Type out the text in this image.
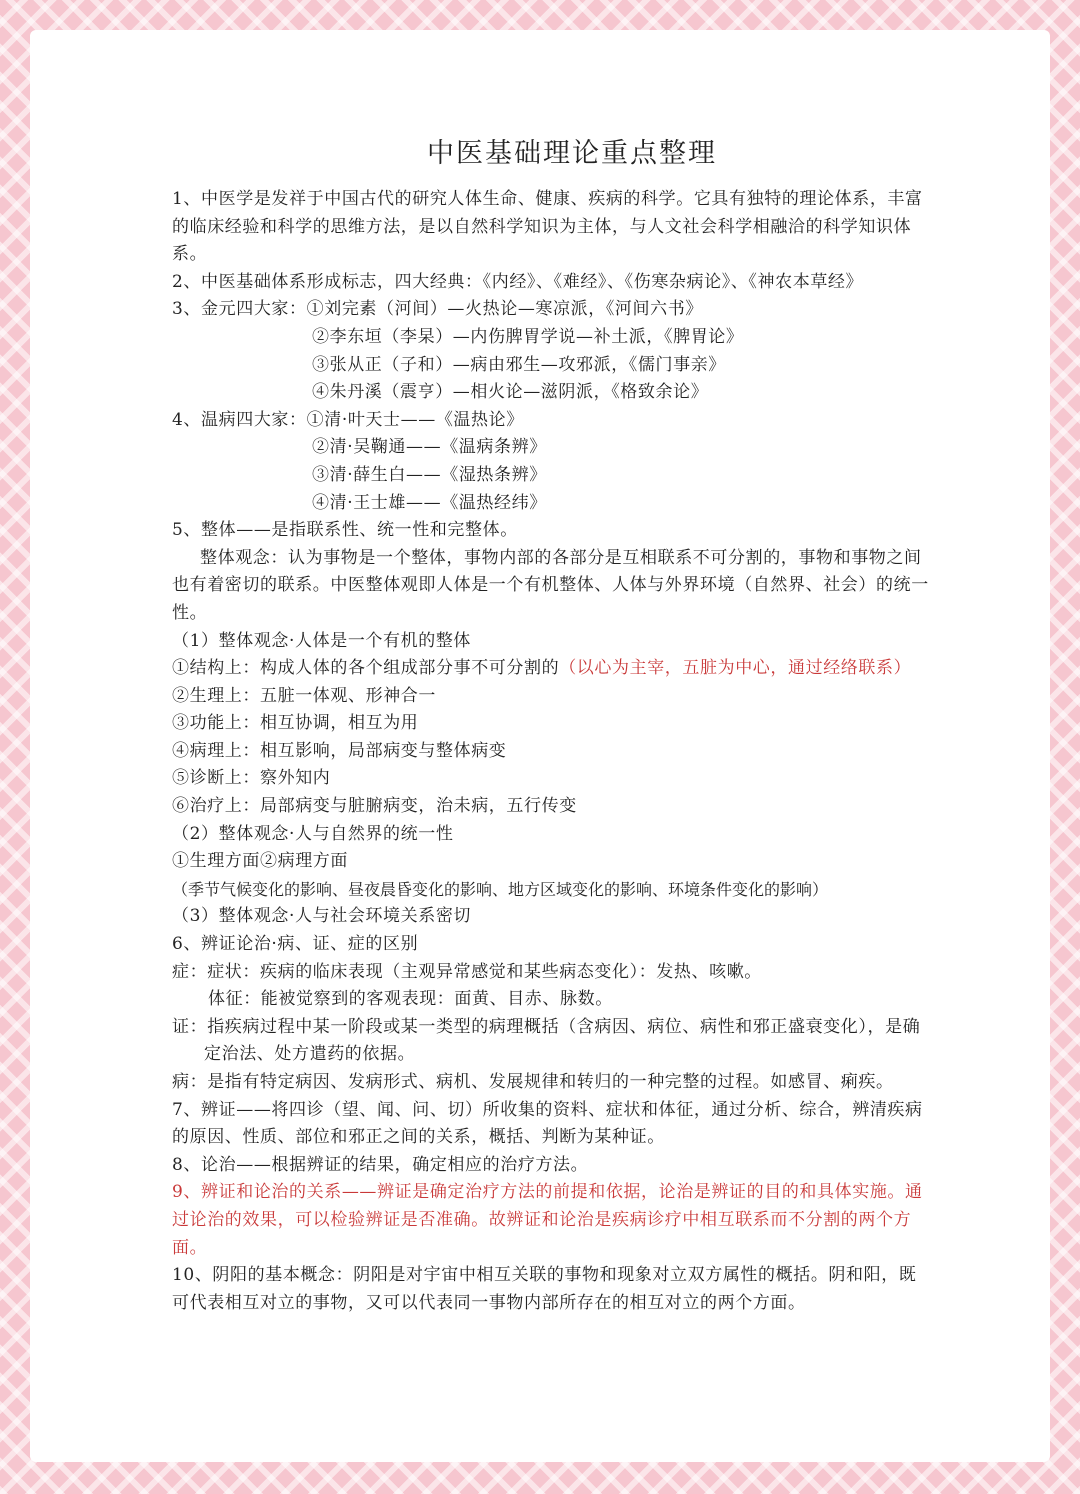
中医基础理论重点整理

1、中医学是发祥于中国古代的研究人体生命、健康、疾病的科学。它具有独特的理论体系，丰富的临床经验和科学的思维方法，是以自然科学知识为主体，与人文社会科学相融洽的科学知识体系。

2、中医基础体系形成标志，四大经典：《内经》、《难经》、《伤寒杂病论》、《神农本草经》

3、金元四大家：①刘完素（河间）—火热论—寒凉派，《河间六书》

②李东垣（李杲）—内伤脾胃学说—补土派，《脾胃论》

③张从正（子和）—病由邪生—攻邪派，《儒门事亲》

④朱丹溪（震亨）—相火论—滋阴派，《格致余论》

4、温病四大家：①清·叶天士——《温热论》

②清·吴鞠通——《温病条辨》

③清·薛生白——《湿热条辨》

④清·王士雄——《温热经纬》

5、整体——是指联系性、统一性和完整体。

整体观念：认为事物是一个整体，事物内部的各部分是互相联系不可分割的，事物和事物之间也有着密切的联系。中医整体观即人体是一个有机整体、人体与外界环境（自然界、社会）的统一性。

（1）整体观念·人体是一个有机的整体

①结构上：构成人体的各个组成部分事不可分割的（以心为主宰，五脏为中心，通过经络联系）

②生理上：五脏一体观、形神合一

③功能上：相互协调，相互为用

④病理上：相互影响，局部病变与整体病变

⑤诊断上：察外知内

⑥治疗上：局部病变与脏腑病变，治未病，五行传变

（2）整体观念·人与自然界的统一性

①生理方面②病理方面

（季节气候变化的影响、昼夜晨昏变化的影响、地方区域变化的影响、环境条件变化的影响）

（3）整体观念·人与社会环境关系密切

6、辨证论治·病、证、症的区别

症：症状：疾病的临床表现（主观异常感觉和某些病态变化）：发热、咳嗽。

体征：能被觉察到的客观表现：面黄、目赤、脉数。

证：指疾病过程中某一阶段或某一类型的病理概括（含病因、病位、病性和邪正盛衰变化），是确定治法、处方遣药的依据。

病：是指有特定病因、发病形式、病机、发展规律和转归的一种完整的过程。如感冒、痢疾。

7、辨证——将四诊（望、闻、问、切）所收集的资料、症状和体征，通过分析、综合，辨清疾病的原因、性质、部位和邪正之间的关系，概括、判断为某种证。

8、论治——根据辨证的结果，确定相应的治疗方法。

9、辨证和论治的关系——辨证是确定治疗方法的前提和依据，论治是辨证的目的和具体实施。通过论治的效果，可以检验辨证是否准确。故辨证和论治是疾病诊疗中相互联系而不分割的两个方面。

10、阴阳的基本概念：阴阳是对宇宙中相互关联的事物和现象对立双方属性的概括。阴和阳，既可代表相互对立的事物，又可以代表同一事物内部所存在的相互对立的两个方面。
